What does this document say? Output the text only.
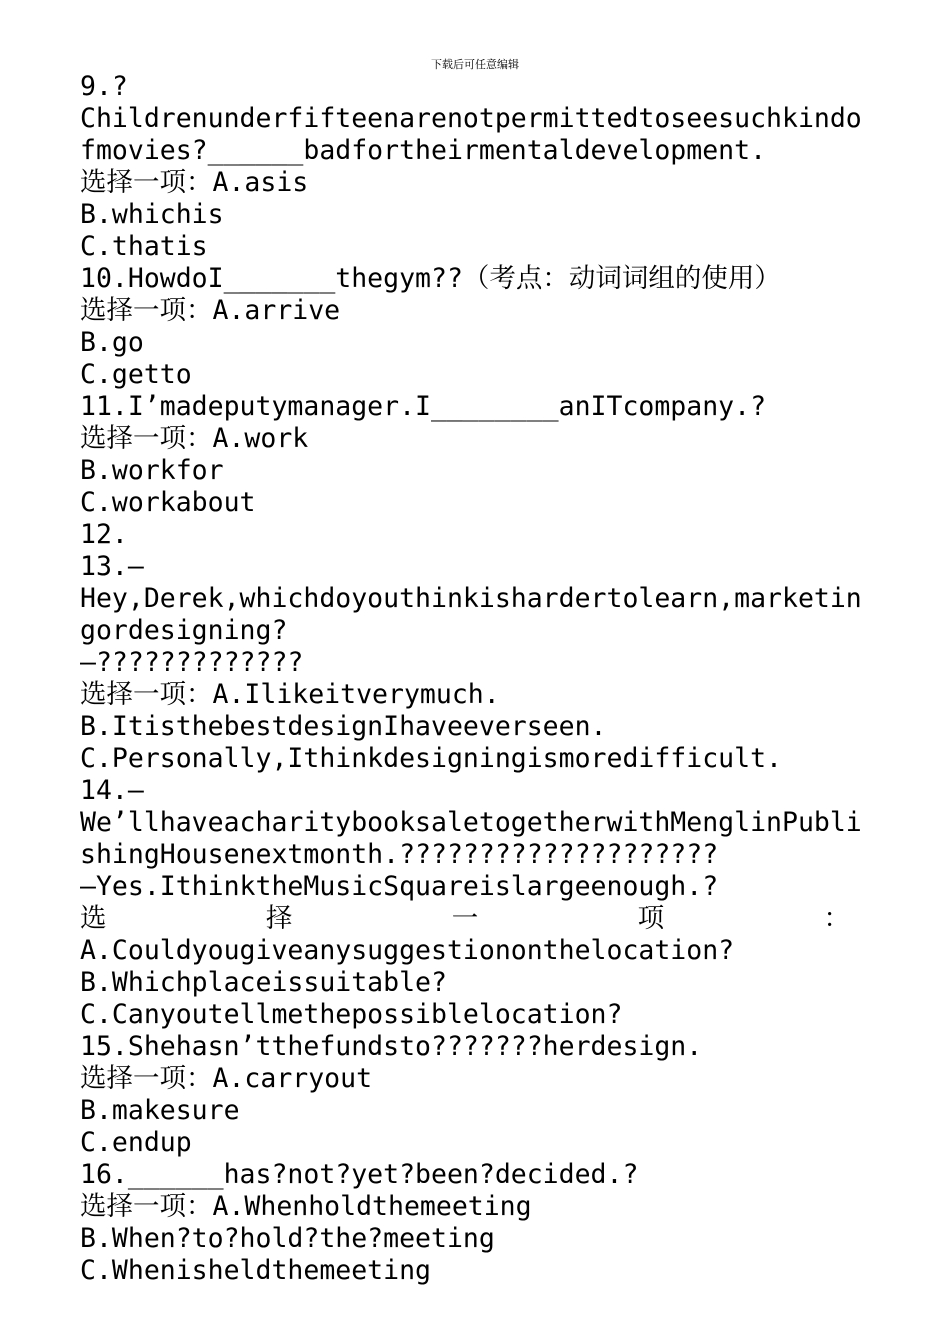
下载后可任意编辑
9.?
Childrenunderfifteenarenotpermittedtoseesuchkindo
fmovies?______badfortheirmentaldevelopment.
选择一项：A.asis
B.whichis
C.thatis
10.HowdoI_______thegym??（考点：动词词组的使用）
选择一项：A.arrive
B.go
C.getto
11.I’madeputymanager.I________anITcompany.?
选择一项：A.work
B.workfor
C.workabout
12.
13.—
Hey,Derek,whichdoyouthinkishardertolearn,marketin
gordesigning?
—?????????????
选择一项：A.Ilikeitverymuch.
B.ItisthebestdesignIhaveeverseen.
C.Personally,Ithinkdesigningismoredifficult.
14.—
We’llhaveacharitybooksaletogetherwithMenglinPubli
shingHousenextmonth.????????????????????
—Yes.IthinktheMusicSquareislargeenough.?
选	择	一	项	：
A.Couldyougiveanysuggestiononthelocation?
B.Whichplaceissuitable?
C.Canyoutellmethepossiblelocation?
15.Shehasn’tthefundsto???????herdesign.
选择一项：A.carryout
B.makesure
C.endup
16.______has?not?yet?been?decided.?
选择一项：A.Whenholdthemeeting
B.When?to?hold?the?meeting
C.Whenisheldthemeeting
